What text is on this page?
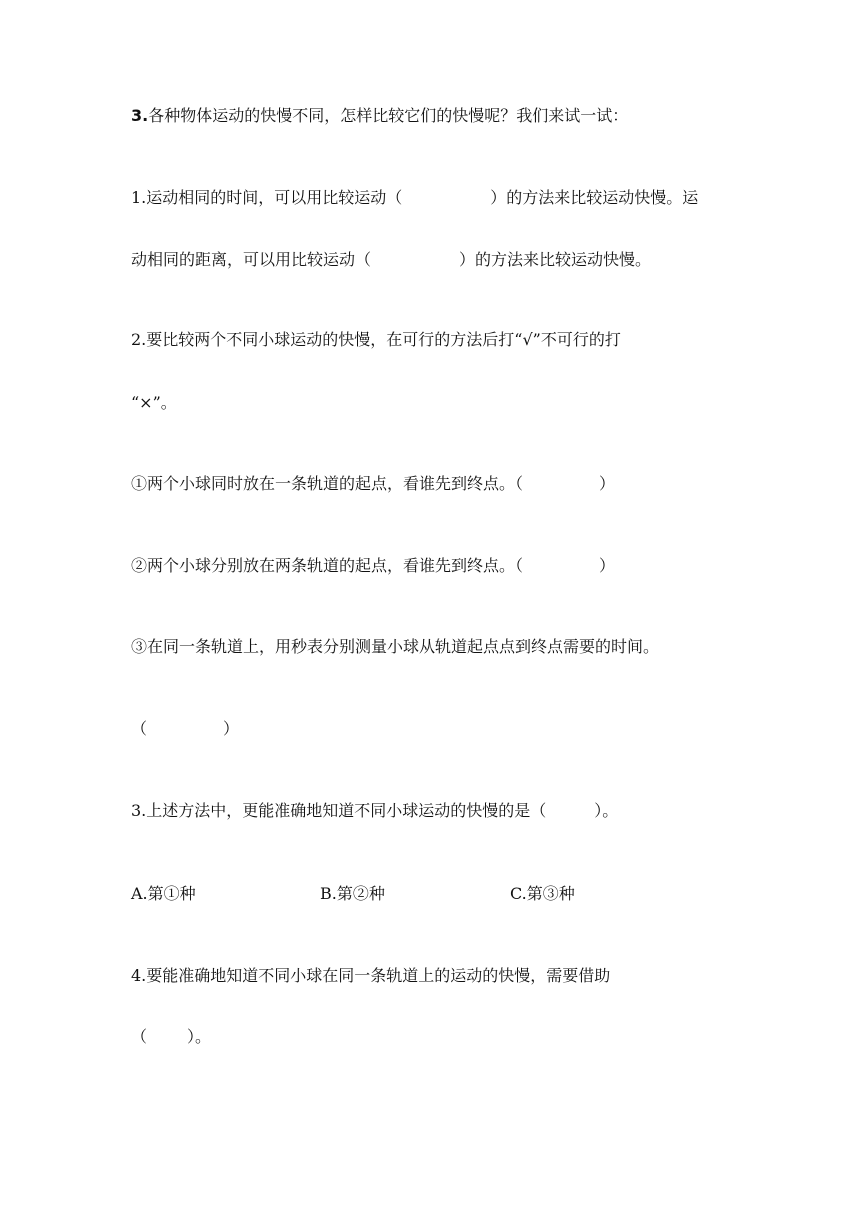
3.各种物体运动的快慢不同，怎样比较它们的快慢呢？我们来试一试：
1.运动相同的时间，可以用比较运动（	）的方法来比较运动快慢。运
动相同的距离，可以用比较运动（	）的方法来比较运动快慢。
2.要比较两个不同小球运动的快慢，在可行的方法后打“√”不可行的打
“×”。
①两个小球同时放在一条轨道的起点，看谁先到终点。（	）
②两个小球分别放在两条轨道的起点，看谁先到终点。（	）
③在同一条轨道上，用秒表分别测量小球从轨道起点点到终点需要的时间。
（	）
3.上述方法中，更能准确地知道不同小球运动的快慢的是（	）。
A.第①种	B.第②种	C.第③种
4.要能准确地知道不同小球在同一条轨道上的运动的快慢，需要借助
（	）。
